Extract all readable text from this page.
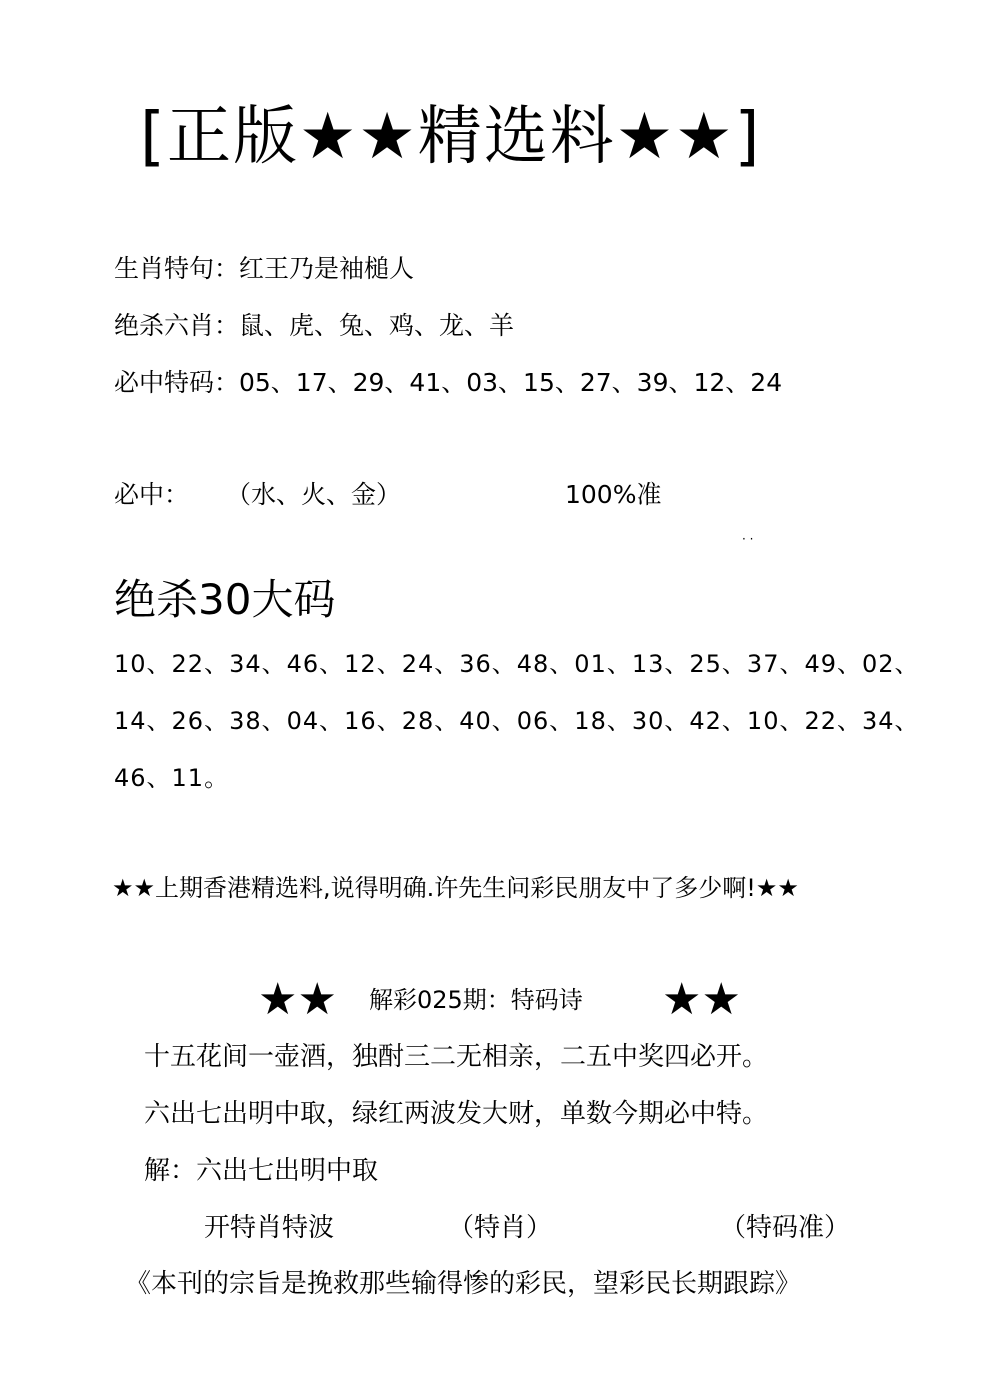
[正版★★精选料★★]
生肖特句：红王乃是袖槌人
绝杀六肖：鼠、虎、兔、鸡、龙、羊
必中特码：05、17、29、41、03、15、27、39、12、24
必中： （水、火、金）	100%准
· ·
绝杀30大码
10、22、34、46、12、24、36、48、01、13、25、37、49、02、
14、26、38、04、16、28、40、06、18、30、42、10、22、34、
46、11。
★★上期香港精选料,说得明确.许先生问彩民朋友中了多少啊!★★
★★ 解彩025期：特码诗 ★★
十五花间一壶酒，独酎三二无相亲，二五中奖四必开。
六出七出明中取，绿红两波发大财，单数今期必中特。
解：六出七出明中取
开特肖特波	（特肖）	（特码准）
《本刊的宗旨是挽救那些输得惨的彩民，望彩民长期跟踪》
